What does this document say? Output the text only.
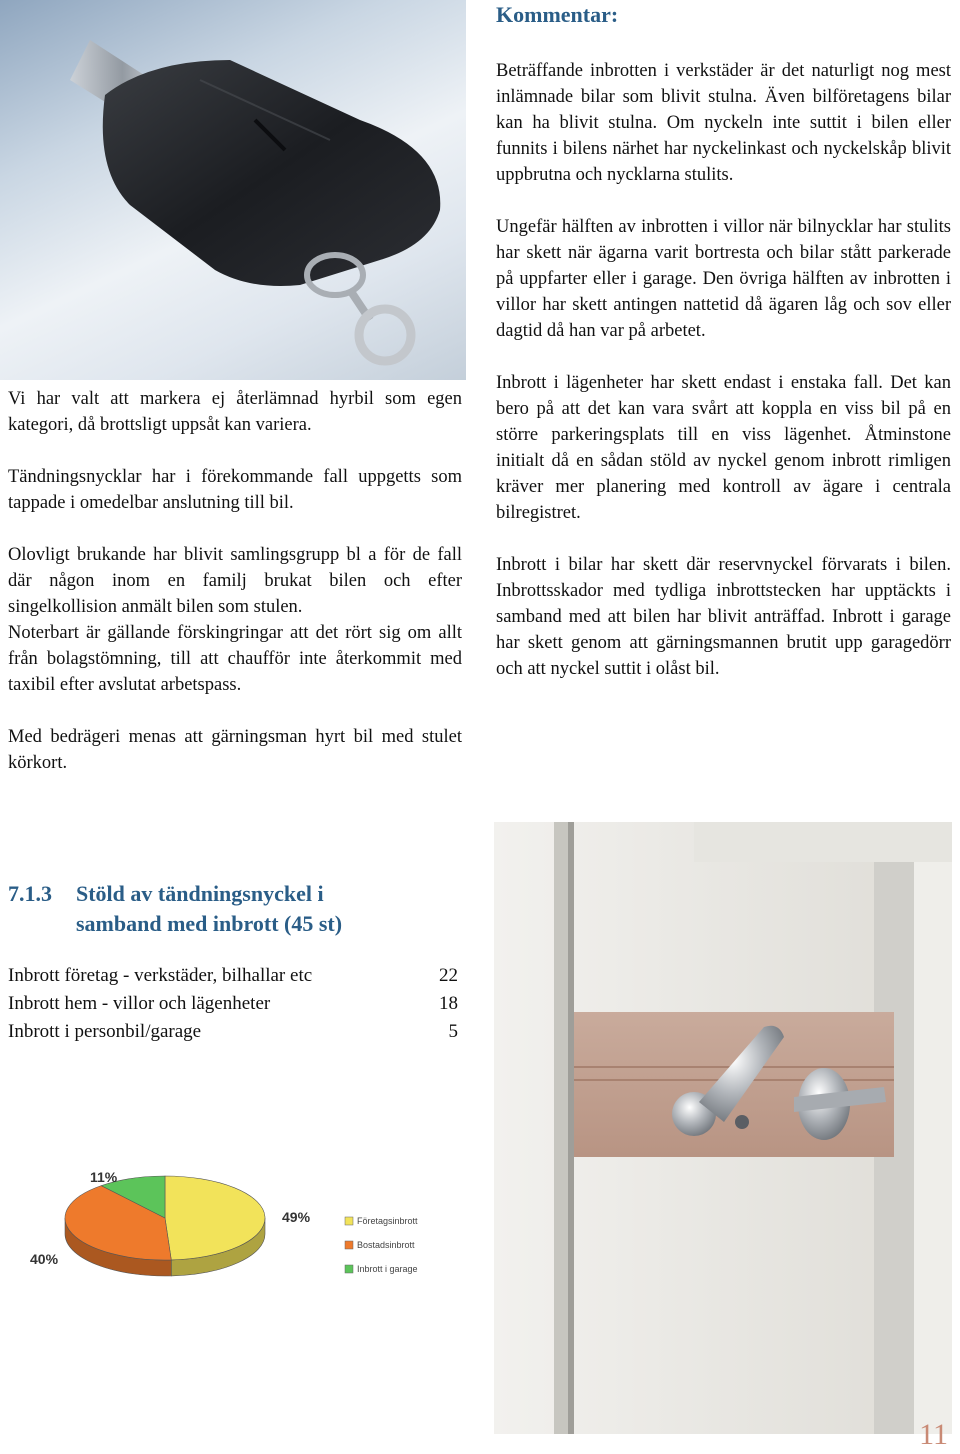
Vi har valt att markera ej återlämnad hyrbil som egen kategori, då brottsligt uppsåt kan variera.

Tändningsnycklar har i förekommande fall uppgetts som tappade i omedelbar anslutning till bil.

Olovligt brukande har blivit samlingsgrupp bl a för de fall där någon inom en familj brukat bilen och efter singelkollision anmält bilen som stulen.

Noterbart är gällande förskingringar att det rört sig om allt från bolagstömning, till att chaufför inte återkommit med taxibil efter avslutat arbetspass.

Med bedrägeri menas att gärningsman hyrt bil med stulet körkort.

Kommentar:

Beträffande inbrotten i verkstäder är det naturligt nog mest inlämnade bilar som blivit stulna. Även bilföretagens bilar kan ha blivit stulna. Om nyckeln inte suttit i bilen eller funnits i bilens närhet har nyckelinkast och nyckelskåp blivit uppbrutna och nycklarna stulits.

Ungefär hälften av inbrotten i villor när bilnycklar har stulits har skett när ägarna varit bortresta och bilar stått parkerade på uppfarter eller i garage. Den övriga hälften av inbrotten i villor har skett antingen nattetid då ägaren låg och sov eller dagtid då han var på arbetet.

Inbrott i lägenheter har skett endast i enstaka fall. Det kan bero på att det kan vara svårt att koppla en viss bil på en större parkeringsplats till en viss lägenhet. Åtminstone initialt då en sådan stöld av nyckel genom inbrott rimligen kräver mer planering med kontroll av ägare i centrala bilregistret.

Inbrott i bilar har skett där reservnyckel förvarats i bilen. Inbrottsskador med tydliga inbrottstecken har upptäckts i samband med att bilen har blivit anträffad. Inbrott i garage har skett genom att gärningsmannen brutit upp garagedörr och att nyckel suttit i olåst bil.

7.1.3	Stöld av tändningsnyckel i
samband med inbrott (45 st)
Inbrott företag - verkstäder, bilhallar etc	22
Inbrott hem - villor och lägenheter	18
Inbrott i personbil/garage	5
49%
40%
11%
Företagsinbrott
Bostadsinbrott
Inbrott i garage
11
